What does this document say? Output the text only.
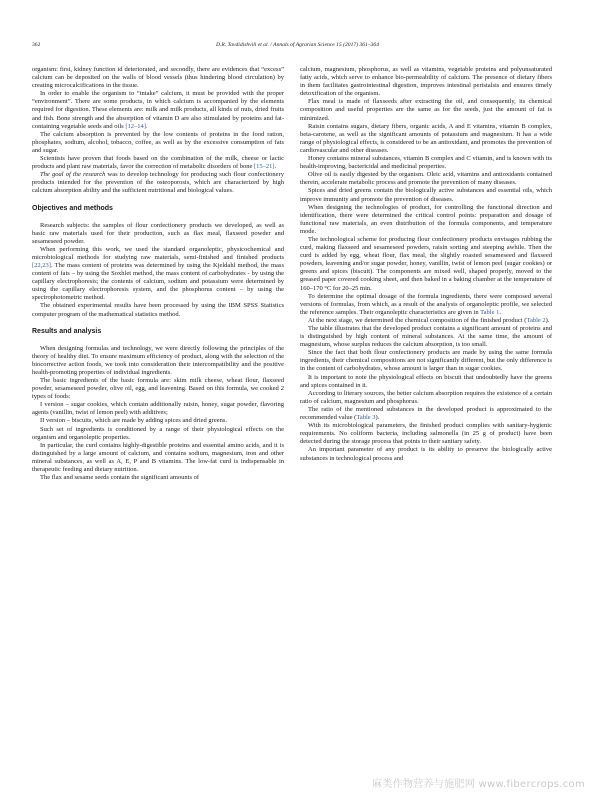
362	D.R. Tavdidishvili et al. / Annals of Agrarian Science 15 (2017) 361–364

organism: first, kidney function id deteriorated, and secondly, there are evidences that “excess” calcium can be deposited on the walls of blood vessels (thus hindering blood circulation) by creating microcalcifications in the tissue.

In order to enable the organism to “intake” calcium, it must be provided with the proper “environment”. There are some products, in which calcium is accompanied by the elements required for digestion. These elements are: milk and milk products, all kinds of nuts, dried fruits and fish. Bone strength and the absorption of vitamin D are also stimulated by proteins and fat-containing vegetable seeds and oils [12–14].

The calcium absorption is prevented by the low contents of proteins in the food ration, phosphates, sodium, alcohol, tobacco, coffee, as well as by the excessive consumption of fats and sugar.

Scientists have proven that foods based on the combination of the milk, cheese or lactic products and plant raw materials, favor the correction of metabolic disorders of bone [15–21].

The goal of the research was to develop technology for producing such flour confectionery products intended for the prevention of the osteoporosis, which are characterized by high calcium absorption ability and the sufficient nutritional and biological values.

Objectives and methods

Research subjects: the samples of flour confectionery products we developed, as well as basic raw materials used for their production, such as flax meal, flaxseed powder and sesameseed powder.

When performing this work, we used the standard organoleptic, physicochemical and microbiological methods for studying raw materials, semi-finished and finished products [22,23]. The mass content of proteins was determined by using the Kjeldahl method, the mass content of fats – by using the Soxhlet method, the mass content of carbohydrates - by using the capillary electrophoresis; the contents of calcium, sodium and potassium were determined by using the capillary electrophoresis system, and the phosphorus content – by using the spectrophotometric method.

The obtained experimental results have been processed by using the IBM SPSS Statistics computer program of the mathematical statistics method.

Results and analysis

When designing formulas and technology, we were directly following the principles of the theory of healthy diet. To ensure maximum efficiency of product, along with the selection of the biocorrective action foods, we took into consideration their intercompatibility and the positive health-promoting properties of individual ingredients.

The basic ingredients of the basic formula are: skim milk cheese, wheat flour, flaxseed powder, sesameseed powder, olive oil, egg, and leavening. Based on this formula, we cooked 2 types of foods:

I version – sugar cookies, which contain additionally raisin, honey, sugar powder, flavoring agents (vanillin, twist of lemon peel) with additives;

II version – biscuits, which are made by adding spices and dried greens.

Such set of ingredients is conditioned by a range of their physiological effects on the organism and organoleptic properties.

In particular, the curd contains highly-digestible proteins and essential amino acids, and it is distinguished by a large amount of calcium, and contains sodium, magnesium, iron and other mineral substances, as well as A, E, P and B vitamins. The low-fat curd is indispensable in therapeutic feeding and dietary nutrition.

The flax and sesame seeds contain the significant amounts of

calcium, magnesium, phosphorus, as well as vitamins, vegetable proteins and polyunsaturated fatty acids, which serve to enhance bio-permeability of calcium. The presence of dietary fibers in them facilitates gastrointestinal digestion, improves intestinal peristalsis and ensures timely detoxification of the organism.

Flax meal is made of flaxseeds after extracting the oil, and consequently, its chemical composition and useful properties are the same as for the seeds, just the amount of fat is minimized.

Raisin contains sugars, dietary fibers, organic acids, A and E vitamins, vitamin B complex, beta-carotene, as well as the significant amounts of potassium and magnesium. It has a wide range of physiological effects, is considered to be an antioxidant, and promotes the prevention of cardiovascular and other diseases.

Honey contains mineral substances, vitamin B complex and C vitamin, and is known with its health-improving, bactericidal and medicinal properties.

Olive oil is easily digested by the organism. Oleic acid, vitamins and antioxidants contained therein, accelerate metabolic process and promote the prevention of many diseases.

Spices and dried greens contain the biologically active substances and essential oils, which improve immunity and promote the prevention of diseases.

When designing the technologies of product, for controlling the functional direction and identification, there were determined the critical control points: preparation and dosage of functional raw materials, an even distribution of the formula components, and temperature mode.

The technological scheme for producing flour confectionery products envisages rubbing the curd, making flaxseed and sesameseed powders, raisin sorting and steeping awhile. Then the curd is added by egg, wheat flour, flax meal, the slightly roasted sesameseed and flaxseed powders, leavening and/or sugar powder, honey, vanillin, twist of lemon peel (sugar cookies) or greens and spices (biscuit). The components are mixed well, shaped properly, moved to the greased paper covered cooking sheet, and then baked in a baking chamber at the temperature of 160–170 °C for 20–25 min.

To determine the optimal dosage of the formula ingredients, there were composed several versions of formulas, from which, as a result of the analysis of organoleptic profile, we selected the reference samples. Their organoleptic characteristics are given in Table 1.

At the next stage, we determined the chemical composition of the finished product (Table 2).

The table illustrates that the developed product contains a significant amount of proteins and is distinguished by high content of mineral substances. At the same time, the amount of magnesium, whose surplus reduces the calcium absorption, is too small.

Since the fact that both flour confectionery products are made by using the same formula ingredients, their chemical compositions are not significantly different, but the only difference is in the content of carbohydrates, whose amount is larger than in sugar cookies.

It is important to note the physiological effects on biscuit that undoubtedly have the greens and spices contained in it.

According to literary sources, the better calcium absorption requires the existence of a certain ratio of calcium, magnesium and phosphorus.

The ratio of the mentioned substances in the developed product is approximated to the recommended value (Table 3).

With its microbiological parameters, the finished product complies with sanitary-hygienic requirements. No coliform bacteria, including salmonella (in 25 g of product) have been detected during the storage process that points to their sanitary safety.

An important parameter of any product is its ability to preserve the biologically active substances in technological process and

麻类作物营养与施肥网 www.fibercrops.com
